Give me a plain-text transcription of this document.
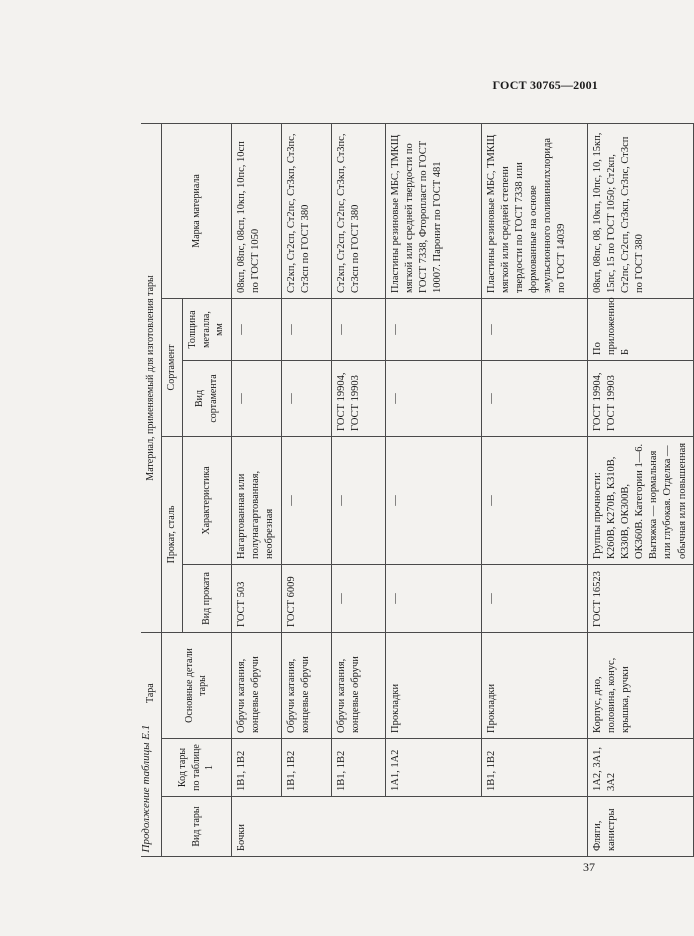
ГОСТ 30765—2001
37
Продолжение таблицы Е.1
Тара			Материал, применяемый для изготовления тары				
Вид тары	Код тары по таблице 1	Основные детали тары	Прокат, сталь		Сортамент		Марка материала
			Вид проката	Характеристика	Вид сортамента	Толщина металла, мм	
Бочки	1B1, 1B2	Обручи катания, концевые обручи	ГОСТ 503	Нагартованная или полунагартованная, необрезная	—	—	08кп, 08пс, 08сп, 10кп, 10пс, 10сп по ГОСТ 1050
	1B1, 1B2	Обручи катания, концевые обручи	ГОСТ 6009	—	—	—	Ст2кп, Ст2сп, Ст2пс, Ст3кп, Ст3пс, Ст3сп по ГОСТ 380
	1B1, 1B2	Обручи катания, концевые обручи	—	—	ГОСТ 19904, ГОСТ 19903	—	Ст2кп, Ст2сп, Ст2пс, Ст3кп, Ст3пс, Ст3сп по ГОСТ 380
	1A1, 1A2	Прокладки	—	—	—	—	Пластины резиновые МБС, ТМКЩ мягкой или средней твердости по ГОСТ 7338, Фторопласт по ГОСТ 10007. Паронит по ГОСТ 481
	1B1, 1B2	Прокладки	—	—	—	—	Пластины резиновые МБС, ТМКЩ мягкой или средней степени твердости по ГОСТ 7338 или формованные на основе эмульсионного поливинилхлорида по ГОСТ 14039
Фляги, канистры	1A2, 3A1, 3A2	Корпус, дно, половина, конус, крышка, ручки	ГОСТ 16523	Группы прочности: К260В, К270В, К310В, К330В, ОК300В, ОК360В. Категории 1—6. Вытяжка — нормальная или глубокая. Отделка — обычная или повышенная	ГОСТ 19904, ГОСТ 19903	По приложению Б	08кп, 08пс, 08, 10кп, 10пс, 10, 15кп, 15пс, 15 по ГОСТ 1050; Ст2кп, Ст2пс, Ст2сп, Ст3кп, Ст3пс, Ст3сп по ГОСТ 380
